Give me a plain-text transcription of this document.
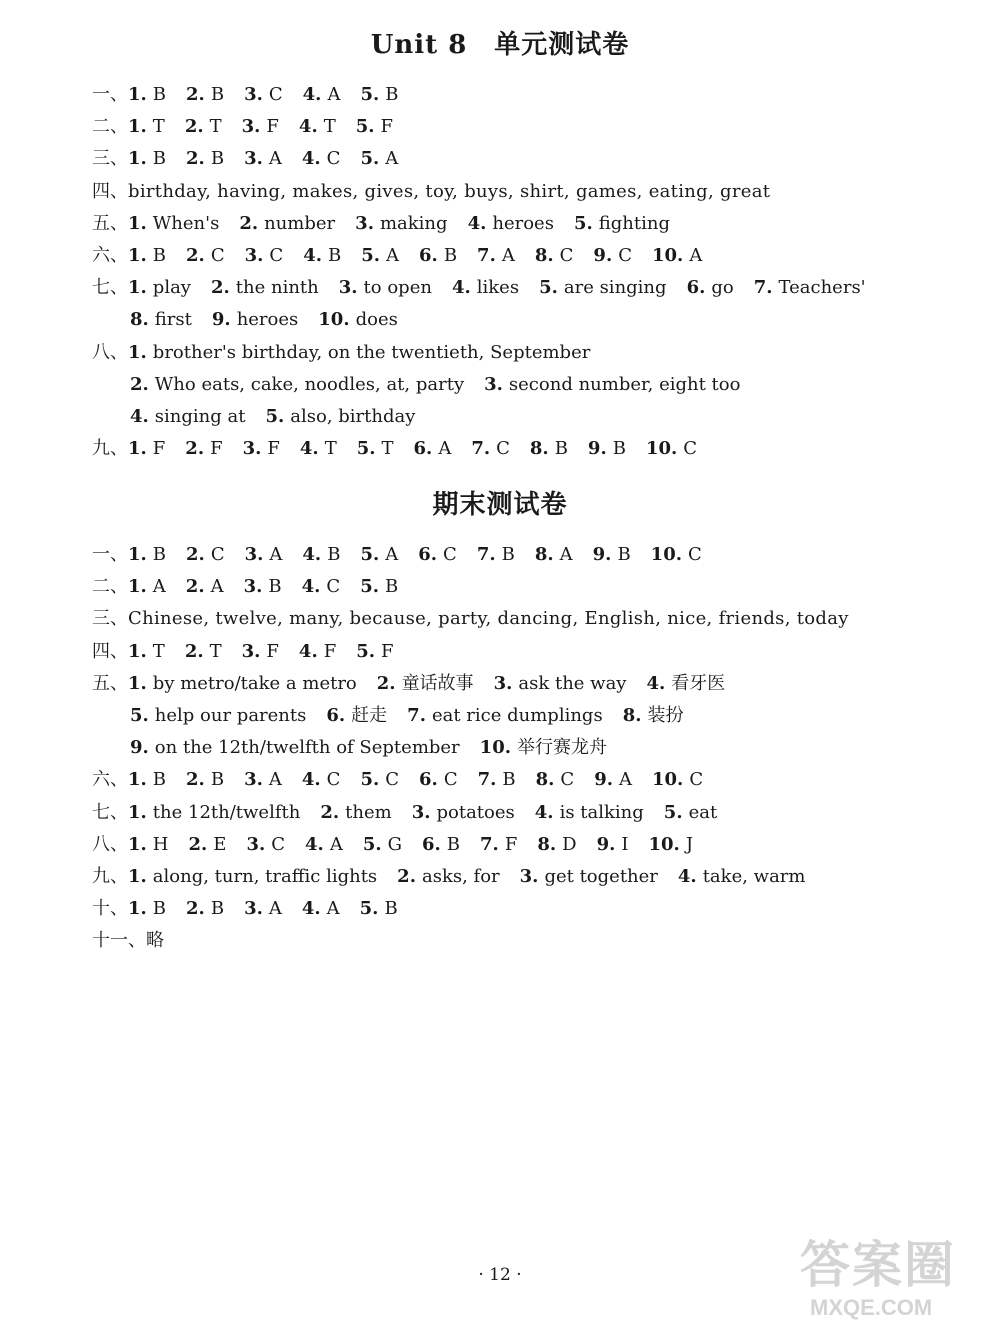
Unit 8　单元测试卷
一、 1. B 2. B 3. C 4. A 5. B
二、 1. T 2. T 3. F 4. T 5. F
三、 1. B 2. B 3. A 4. C 5. A
四、 birthday, having, makes, gives, toy, buys, shirt, games, eating, great
五、 1. When's 2. number 3. making 4. heroes 5. fighting
六、 1. B 2. C 3. C 4. B 5. A 6. B 7. A 8. C 9. C 10. A
七、 1. play 2. the ninth 3. to open 4. likes 5. are singing 6. go 7. Teachers'
8. first 9. heroes 10. does
八、 1. brother's birthday, on the twentieth, September
2. Who eats, cake, noodles, at, party 3. second number, eight too
4. singing at 5. also, birthday
九、 1. F 2. F 3. F 4. T 5. T 6. A 7. C 8. B 9. B 10. C
期末测试卷
一、 1. B 2. C 3. A 4. B 5. A 6. C 7. B 8. A 9. B 10. C
二、 1. A 2. A 3. B 4. C 5. B
三、 Chinese, twelve, many, because, party, dancing, English, nice, friends, today
四、 1. T 2. T 3. F 4. F 5. F
五、 1. by metro/take a metro 2. 童话故事 3. ask the way 4. 看牙医
5. help our parents 6. 赶走 7. eat rice dumplings 8. 装扮
9. on the 12th/twelfth of September 10. 举行赛龙舟
六、 1. B 2. B 3. A 4. C 5. C 6. C 7. B 8. C 9. A 10. C
七、 1. the 12th/twelfth 2. them 3. potatoes 4. is talking 5. eat
八、 1. H 2. E 3. C 4. A 5. G 6. B 7. F 8. D 9. I 10. J
九、 1. along, turn, traffic lights 2. asks, for 3. get together 4. take, warm
十、 1. B 2. B 3. A 4. A 5. B
十一、 略
· 12 ·	答案圈
MXQE.COM
